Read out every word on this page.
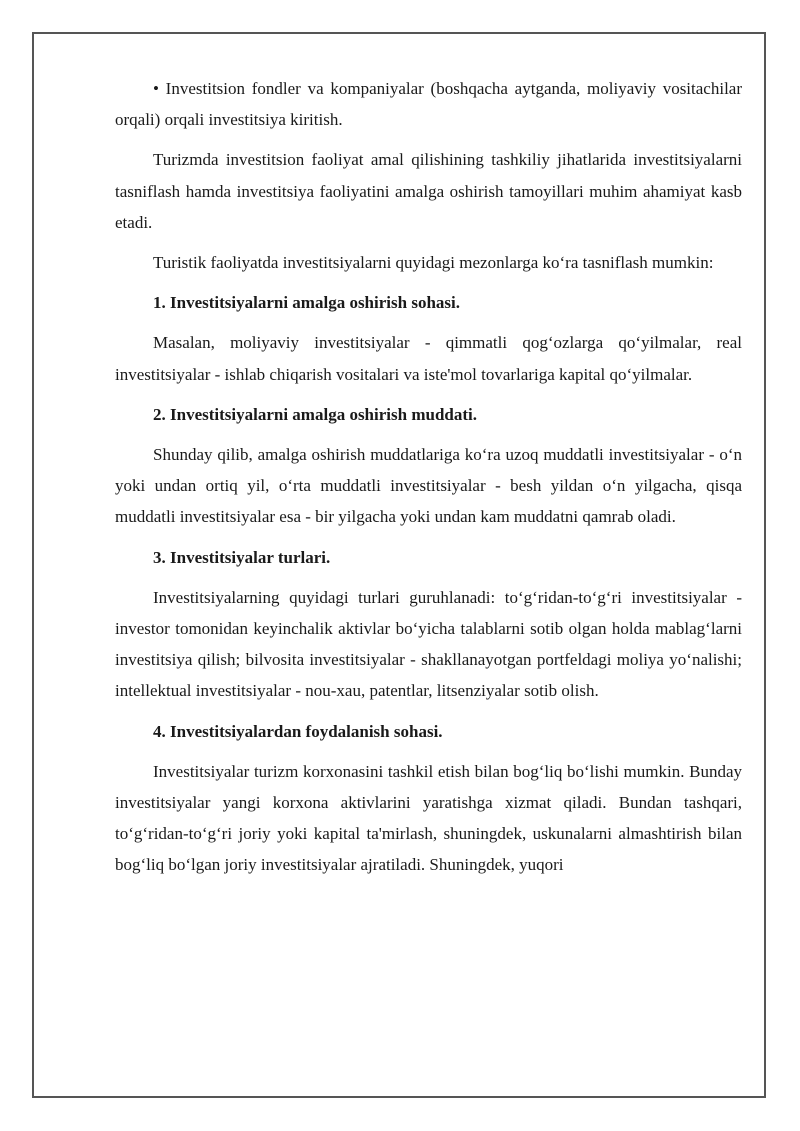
• Investitsion fondler va kompaniyalar (boshqacha aytganda, moliyaviy vositachilar orqali) orqali investitsiya kiritish.

Turizmda investitsion faoliyat amal qilishining tashkiliy jihatlarida investitsiyalarni tasniflash hamda investitsiya faoliyatini amalga oshirish tamoyillari muhim ahamiyat kasb etadi.

Turistik faoliyatda investitsiyalarni quyidagi mezonlarga ko‘ra tasniflash mumkin:

1. Investitsiyalarni amalga oshirish sohasi.

Masalan, moliyaviy investitsiyalar - qimmatli qog‘ozlarga qo‘yilmalar, real investitsiyalar - ishlab chiqarish vositalari va iste'mol tovarlariga kapital qo‘yilmalar.

2. Investitsiyalarni amalga oshirish muddati.

Shunday qilib, amalga oshirish muddatlariga ko‘ra uzoq muddatli investitsiyalar - o‘n yoki undan ortiq yil, o‘rta muddatli investitsiyalar - besh yildan o‘n yilgacha, qisqa muddatli investitsiyalar esa - bir yilgacha yoki undan kam muddatni qamrab oladi.

3. Investitsiyalar turlari.

Investitsiyalarning quyidagi turlari guruhlanadi: to‘g‘ridan-to‘g‘ri investitsiyalar - investor tomonidan keyinchalik aktivlar bo‘yicha talablarni sotib olgan holda mablag‘larni investitsiya qilish; bilvosita investitsiyalar - shakllanayotgan portfeldagi moliya yo‘nalishi; intellektual investitsiyalar - nou-xau, patentlar, litsenziyalar sotib olish.

4. Investitsiyalardan foydalanish sohasi.

Investitsiyalar turizm korxonasini tashkil etish bilan bog‘liq bo‘lishi mumkin. Bunday investitsiyalar yangi korxona aktivlarini yaratishga xizmat qiladi. Bundan tashqari, to‘g‘ridan-to‘g‘ri joriy yoki kapital ta'mirlash, shuningdek, uskunalarni almashtirish bilan bog‘liq bo‘lgan joriy investitsiyalar ajratiladi. Shuningdek, yuqori
